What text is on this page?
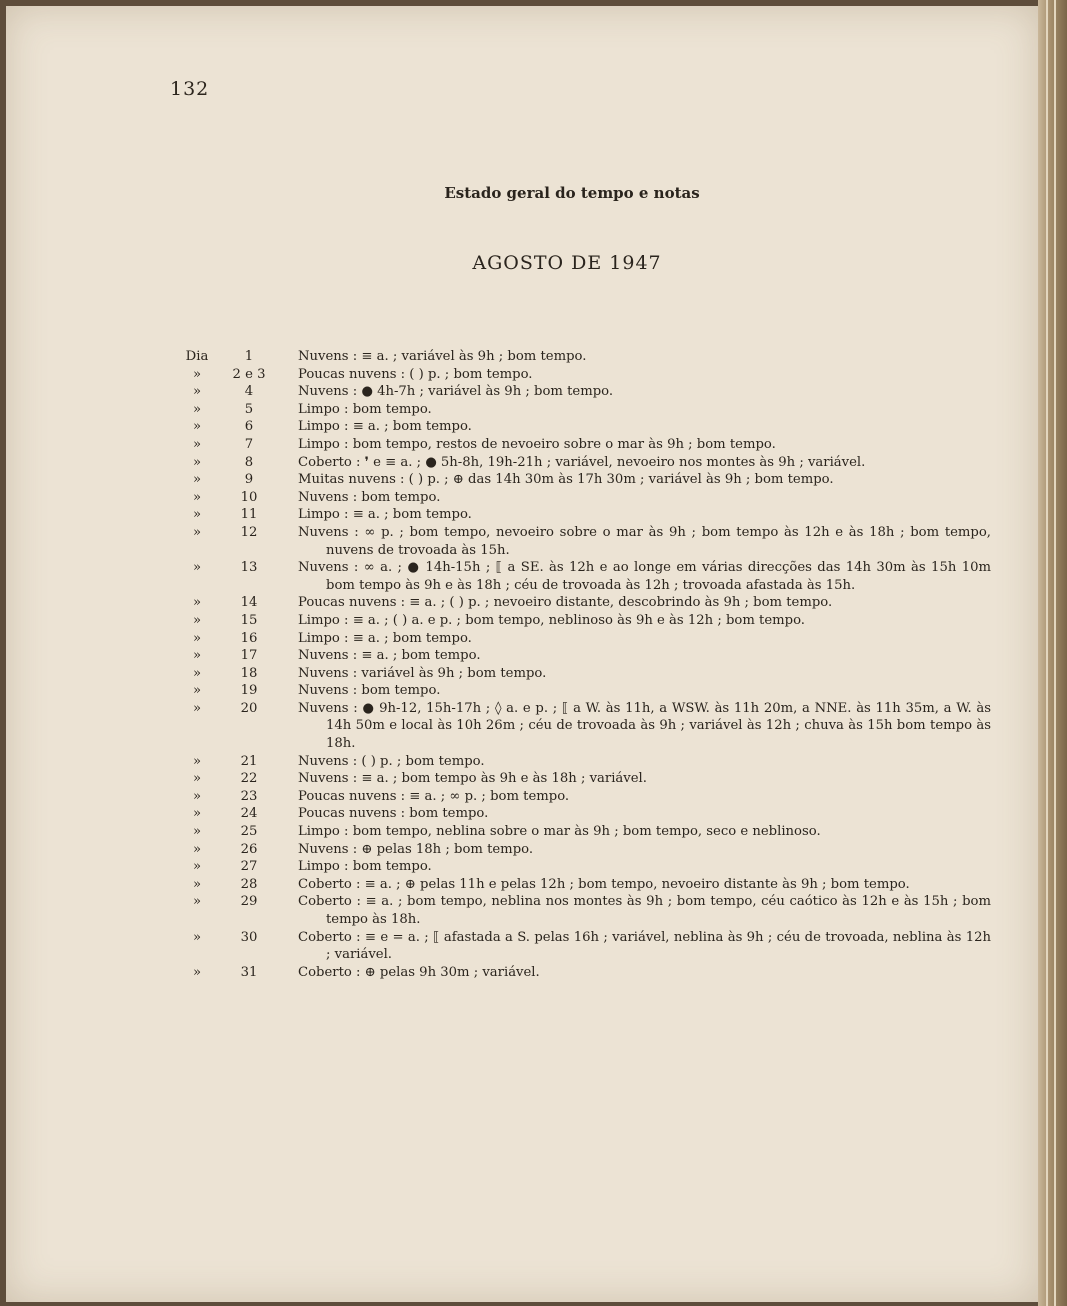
132
Estado geral do tempo e notas
AGOSTO DE 1947
Dia	1	Nuvens : ≡ a. ; variável às 9h ; bom tempo.
»	2 e 3	Poucas nuvens : ( ) p. ; bom tempo.
»	4	Nuvens : ● 4h-7h ; variável às 9h ; bom tempo.
»	5	Limpo : bom tempo.
»	6	Limpo : ≡ a. ; bom tempo.
»	7	Limpo : bom tempo, restos de nevoeiro sobre o mar às 9h ; bom tempo.
»	8	Coberto : ❜ e ≡ a. ; ● 5h-8h, 19h-21h ; variável, nevoeiro nos montes às 9h ; variável.
»	9	Muitas nuvens : ( ) p. ; ⊕ das 14h 30m às 17h 30m ; variável às 9h ; bom tempo.
»	10	Nuvens : bom tempo.
»	11	Limpo : ≡ a. ; bom tempo.
»	12	Nuvens : ∞ p. ; bom tempo, nevoeiro sobre o mar às 9h ; bom tempo às 12h e às 18h ; bom tempo, nuvens de trovoada às 15h.
»	13	Nuvens : ∞ a. ; ● 14h-15h ; ⟦ a SE. às 12h e ao longe em várias direcções das 14h 30m às 15h 10m bom tempo às 9h e às 18h ; céu de trovoada às 12h ; trovoada afastada às 15h.
»	14	Poucas nuvens : ≡ a. ; ( ) p. ; nevoeiro distante, descobrindo às 9h ; bom tempo.
»	15	Limpo : ≡ a. ; ( ) a. e p. ; bom tempo, neblinoso às 9h e às 12h ; bom tempo.
»	16	Limpo : ≡ a. ; bom tempo.
»	17	Nuvens : ≡ a. ; bom tempo.
»	18	Nuvens : variável às 9h ; bom tempo.
»	19	Nuvens : bom tempo.
»	20	Nuvens : ● 9h-12, 15h-17h ; ◊ a. e p. ; ⟦ a W. às 11h, a WSW. às 11h 20m, a NNE. às 11h 35m, a W. às 14h 50m e local às 10h 26m ; céu de trovoada às 9h ; variável às 12h ; chuva às 15h bom tempo às 18h.
»	21	Nuvens : ( ) p. ; bom tempo.
»	22	Nuvens : ≡ a. ; bom tempo às 9h e às 18h ; variável.
»	23	Poucas nuvens : ≡ a. ; ∞ p. ; bom tempo.
»	24	Poucas nuvens : bom tempo.
»	25	Limpo : bom tempo, neblina sobre o mar às 9h ; bom tempo, seco e neblinoso.
»	26	Nuvens : ⊕ pelas 18h ; bom tempo.
»	27	Limpo : bom tempo.
»	28	Coberto : ≡ a. ; ⊕ pelas 11h e pelas 12h ; bom tempo, nevoeiro distante às 9h ; bom tempo.
»	29	Coberto : ≡ a. ; bom tempo, neblina nos montes às 9h ; bom tempo, céu caótico às 12h e às 15h ; bom tempo às 18h.
»	30	Coberto : ≡ e = a. ; ⟦ afastada a S. pelas 16h ; variável, neblina às 9h ; céu de trovoada, neblina às 12h ; variável.
»	31	Coberto : ⊕ pelas 9h 30m ; variável.
